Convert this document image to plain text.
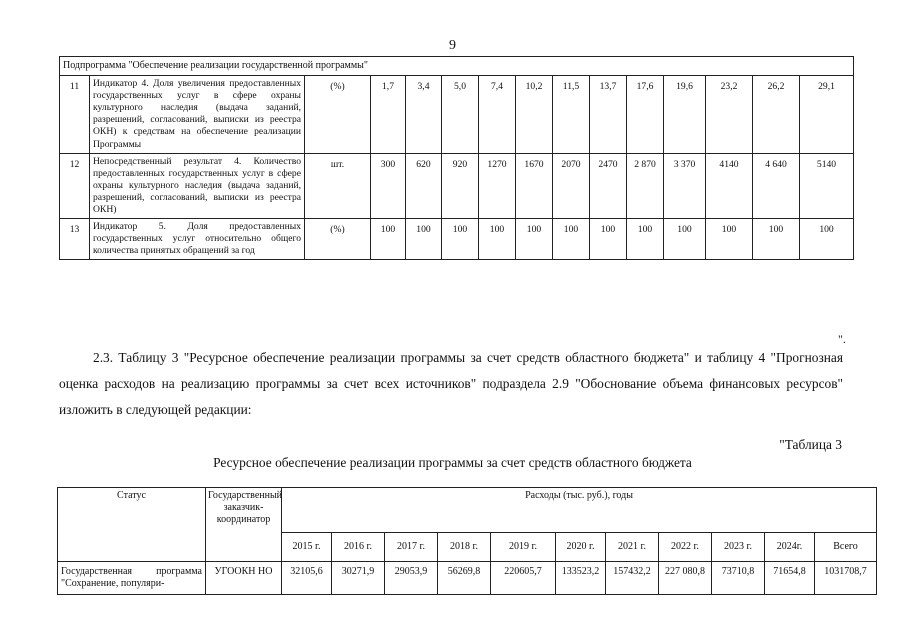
9
Подпрограмма "Обеспечение реализации государственной программы"														
11	Индикатор 4. Доля увеличения предоставленных государственных услуг в сфере охраны культурного наследия (выдача заданий, разрешений, согласований, выписки из реестра ОКН) к средствам на обеспечение реализации Программы	(%)	1,7	3,4	5,0	7,4	10,2	11,5	13,7	17,6	19,6	23,2	26,2	29,1
12	Непосредственный результат 4. Количество предоставленных государственных услуг в сфере охраны культурного наследия (выдача заданий, разрешений, согласований, выписки из реестра ОКН)	шт.	300	620	920	1270	1670	2070	2470	2 870	3 370	4140	4 640	5140
13	Индикатор 5. Доля предоставленных государственных услуг относительно общего количества принятых обращений за год	(%)	100	100	100	100	100	100	100	100	100	100	100	100
".
2.3. Таблицу 3 "Ресурсное обеспечение реализации программы за счет средств областного бюджета" и таблицу 4 "Прогнозная оценка расходов на реализацию программы за счет всех источников" подраздела 2.9 "Обоснование объема финансовых ресурсов" изложить в следующей редакции:
"Таблица 3
Ресурсное обеспечение реализации программы за счет средств областного бюджета
Статус	Государственный заказчик-координатор	Расходы (тыс. руб.), годы										
		2015 г.	2016 г.	2017 г.	2018 г.	2019 г.	2020 г.	2021 г.	2022 г.	2023 г.	2024г.	Всего
Государственная программа "Сохранение, популяри-	УГООКН НО	32105,6	30271,9	29053,9	56269,8	220605,7	133523,2	157432,2	227 080,8	73710,8	71654,8	1031708,7
